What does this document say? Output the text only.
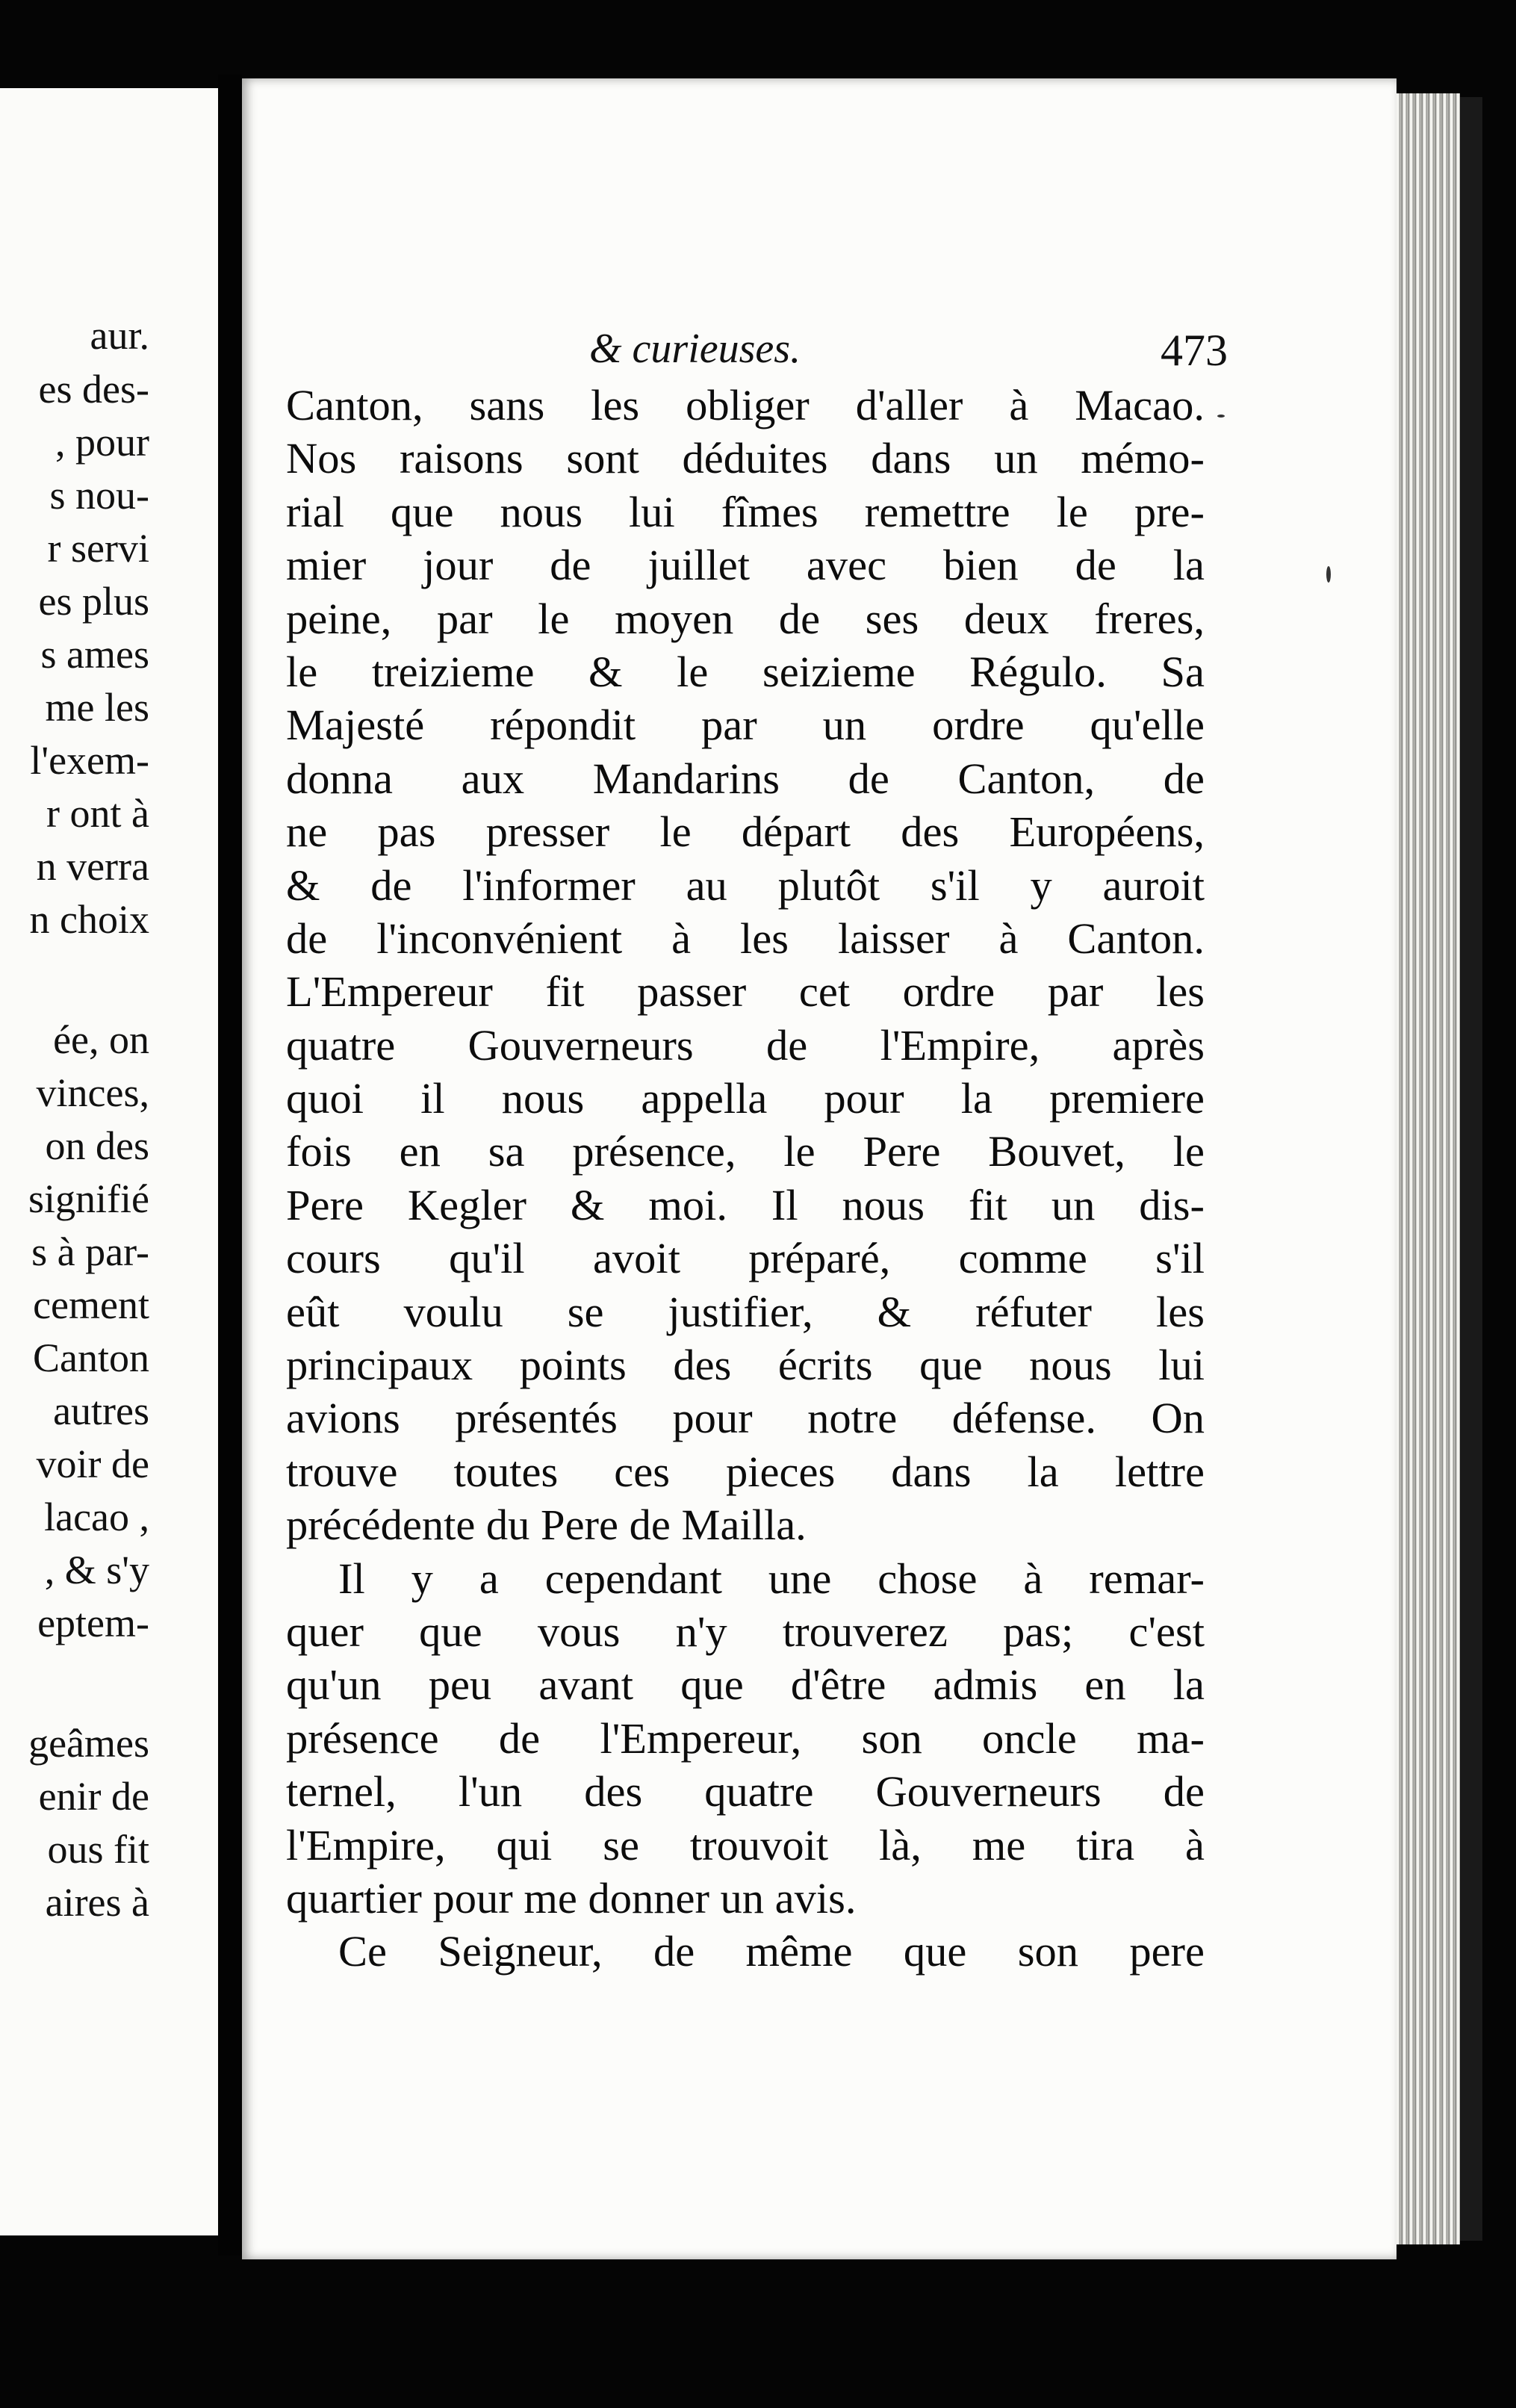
aur.
es des-
, pour
s nou-
r servi
es plus
s ames
me les
l'exem-
r ont à
n verra
n choix
ée, on
vinces,
on des
signifié
s à par-
cement
Canton
autres
voir de
lacao ,
, & s'y
eptem-
geâmes
enir de
ous fit
aires à
& curieuses.	473
Canton, sans les obliger d'aller à Macao.
Nos raisons sont déduites dans un mémo-
rial que nous lui fîmes remettre le pre-
mier jour de juillet avec bien de la
peine, par le moyen de ses deux freres,
le treizieme & le seizieme Régulo. Sa
Majesté répondit par un ordre qu'elle
donna aux Mandarins de Canton, de
ne pas presser le départ des Européens,
& de l'informer au plutôt s'il y auroit
de l'inconvénient à les laisser à Canton.
L'Empereur fit passer cet ordre par les
quatre Gouverneurs de l'Empire, après
quoi il nous appella pour la premiere
fois en sa présence, le Pere Bouvet, le
Pere Kegler & moi. Il nous fit un dis-
cours qu'il avoit préparé, comme s'il
eût voulu se justifier, & réfuter les
principaux points des écrits que nous lui
avions présentés pour notre défense. On
trouve toutes ces pieces dans la lettre
précédente du Pere de Mailla.
Il y a cependant une chose à remar-
quer que vous n'y trouverez pas; c'est
qu'un peu avant que d'être admis en la
présence de l'Empereur, son oncle ma-
ternel, l'un des quatre Gouverneurs de
l'Empire, qui se trouvoit là, me tira à
quartier pour me donner un avis.
Ce Seigneur, de même que son pere
